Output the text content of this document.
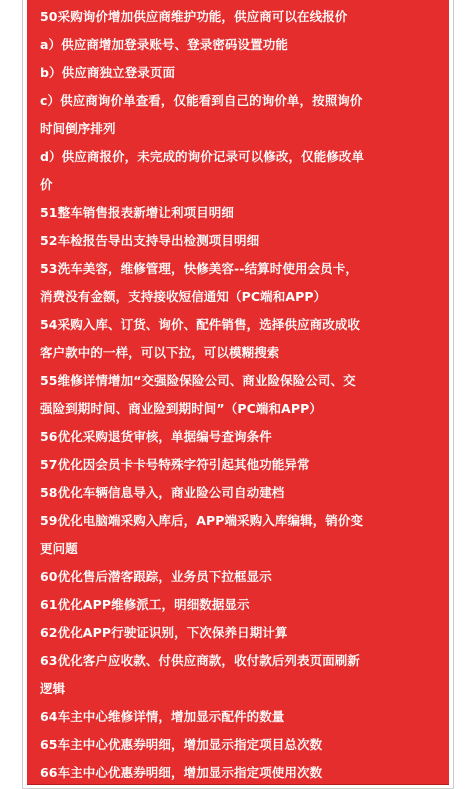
50采购询价增加供应商维护功能，供应商可以在线报价
a）供应商增加登录账号、登录密码设置功能
b）供应商独立登录页面
c）供应商询价单查看，仅能看到自己的询价单，按照询价
时间倒序排列
d）供应商报价，未完成的询价记录可以修改，仅能修改单
价
51整车销售报表新增让利项目明细
52车检报告导出支持导出检测项目明细
53洗车美容，维修管理，快修美容--结算时使用会员卡，
消费没有金额，支持接收短信通知（PC端和APP）
54采购入库、订货、询价、配件销售，选择供应商改成收
客户款中的一样，可以下拉，可以模糊搜索
55维修详情增加“交强险保险公司、商业险保险公司、交
强险到期时间、商业险到期时间”（PC端和APP）
56优化采购退货审核，单据编号查询条件
57优化因会员卡卡号特殊字符引起其他功能异常
58优化车辆信息导入，商业险公司自动建档
59优化电脑端采购入库后，APP端采购入库编辑，销价变
更问题
60优化售后潜客跟踪，业务员下拉框显示
61优化APP维修派工，明细数据显示
62优化APP行驶证识别，下次保养日期计算
63优化客户应收款、付供应商款，收付款后列表页面刷新
逻辑
64车主中心维修详情，增加显示配件的数量
65车主中心优惠券明细，增加显示指定项目总次数
66车主中心优惠券明细，增加显示指定项使用次数
